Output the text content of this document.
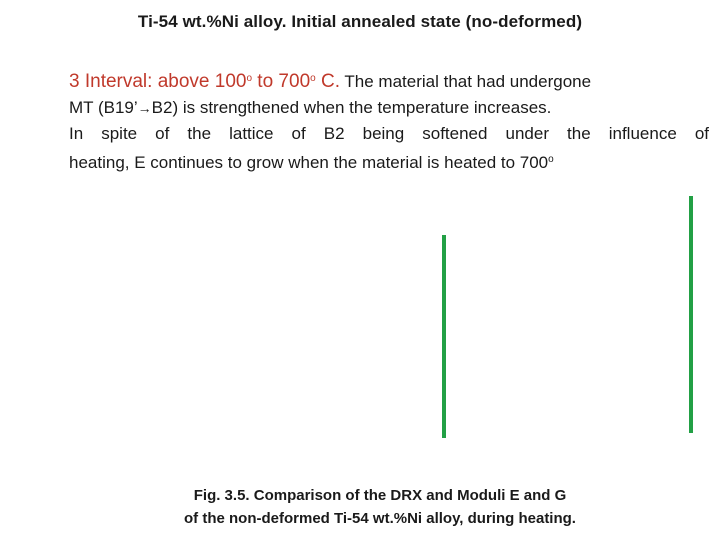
Ti-54 wt.%Ni alloy. Initial annealed state (no-deformed)
3 Interval: above 100$^o$ to 700$^o$ C. The material that had undergone
MT (B19’→B2) is strengthened when the temperature increases.
In spite of the lattice of B2 being softened under the influence of
heating, E continues to grow when the material is heated to 700$^o$
Fig. 3.5. Comparison of the DRX and Moduli E and G
of the non-deformed Ti-54 wt.%Ni alloy, during heating.
